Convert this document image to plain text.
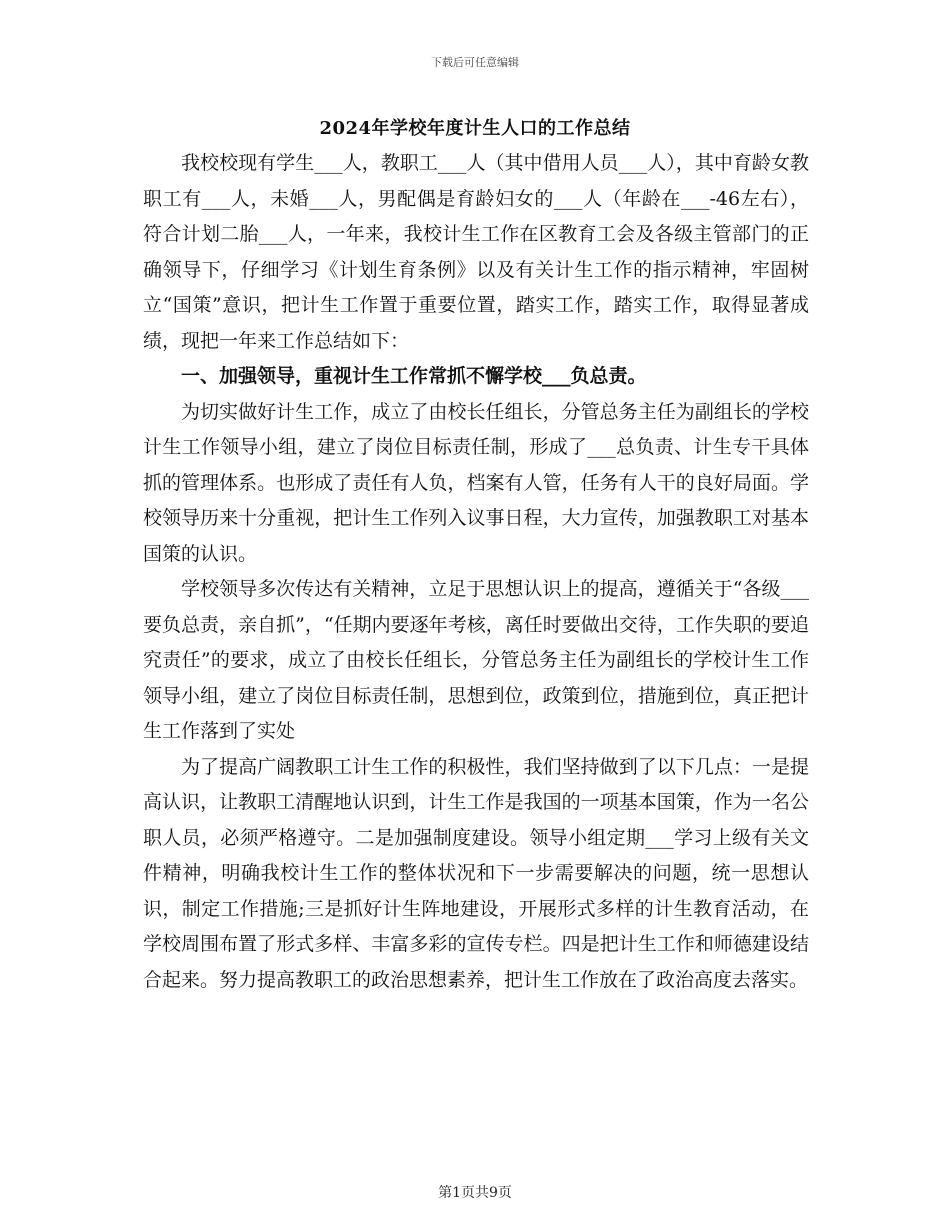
下载后可任意编辑
2024年学校年度计生人口的工作总结

我校校现有学生___人，教职工___人（其中借用人员___人），其中育龄女教职工有___人，未婚___人，男配偶是育龄妇女的___人（年龄在___-46左右），符合计划二胎___人，一年来，我校计生工作在区教育工会及各级主管部门的正确领导下，仔细学习《计划生育条例》以及有关计生工作的指示精神，牢固树立“国策”意识，把计生工作置于重要位置，踏实工作，踏实工作，取得显著成绩，现把一年来工作总结如下：

一、加强领导，重视计生工作常抓不懈学校___负总责。

为切实做好计生工作，成立了由校长任组长，分管总务主任为副组长的学校计生工作领导小组，建立了岗位目标责任制，形成了___总负责、计生专干具体抓的管理体系。也形成了责任有人负，档案有人管，任务有人干的良好局面。学校领导历来十分重视，把计生工作列入议事日程，大力宣传，加强教职工对基本国策的认识。

学校领导多次传达有关精神，立足于思想认识上的提高，遵循关于“各级___要负总责，亲自抓”，“任期内要逐年考核，离任时要做出交待，工作失职的要追究责任”的要求，成立了由校长任组长，分管总务主任为副组长的学校计生工作领导小组，建立了岗位目标责任制，思想到位，政策到位，措施到位，真正把计生工作落到了实处

为了提高广阔教职工计生工作的积极性，我们坚持做到了以下几点：一是提高认识，让教职工清醒地认识到，计生工作是我国的一项基本国策，作为一名公职人员，必须严格遵守。二是加强制度建设。领导小组定期___学习上级有关文件精神，明确我校计生工作的整体状况和下一步需要解决的问题，统一思想认识，制定工作措施;三是抓好计生阵地建设，开展形式多样的计生教育活动，在学校周围布置了形式多样、丰富多彩的宣传专栏。四是把计生工作和师德建设结合起来。努力提高教职工的政治思想素养，把计生工作放在了政治高度去落实。

第1页共9页
